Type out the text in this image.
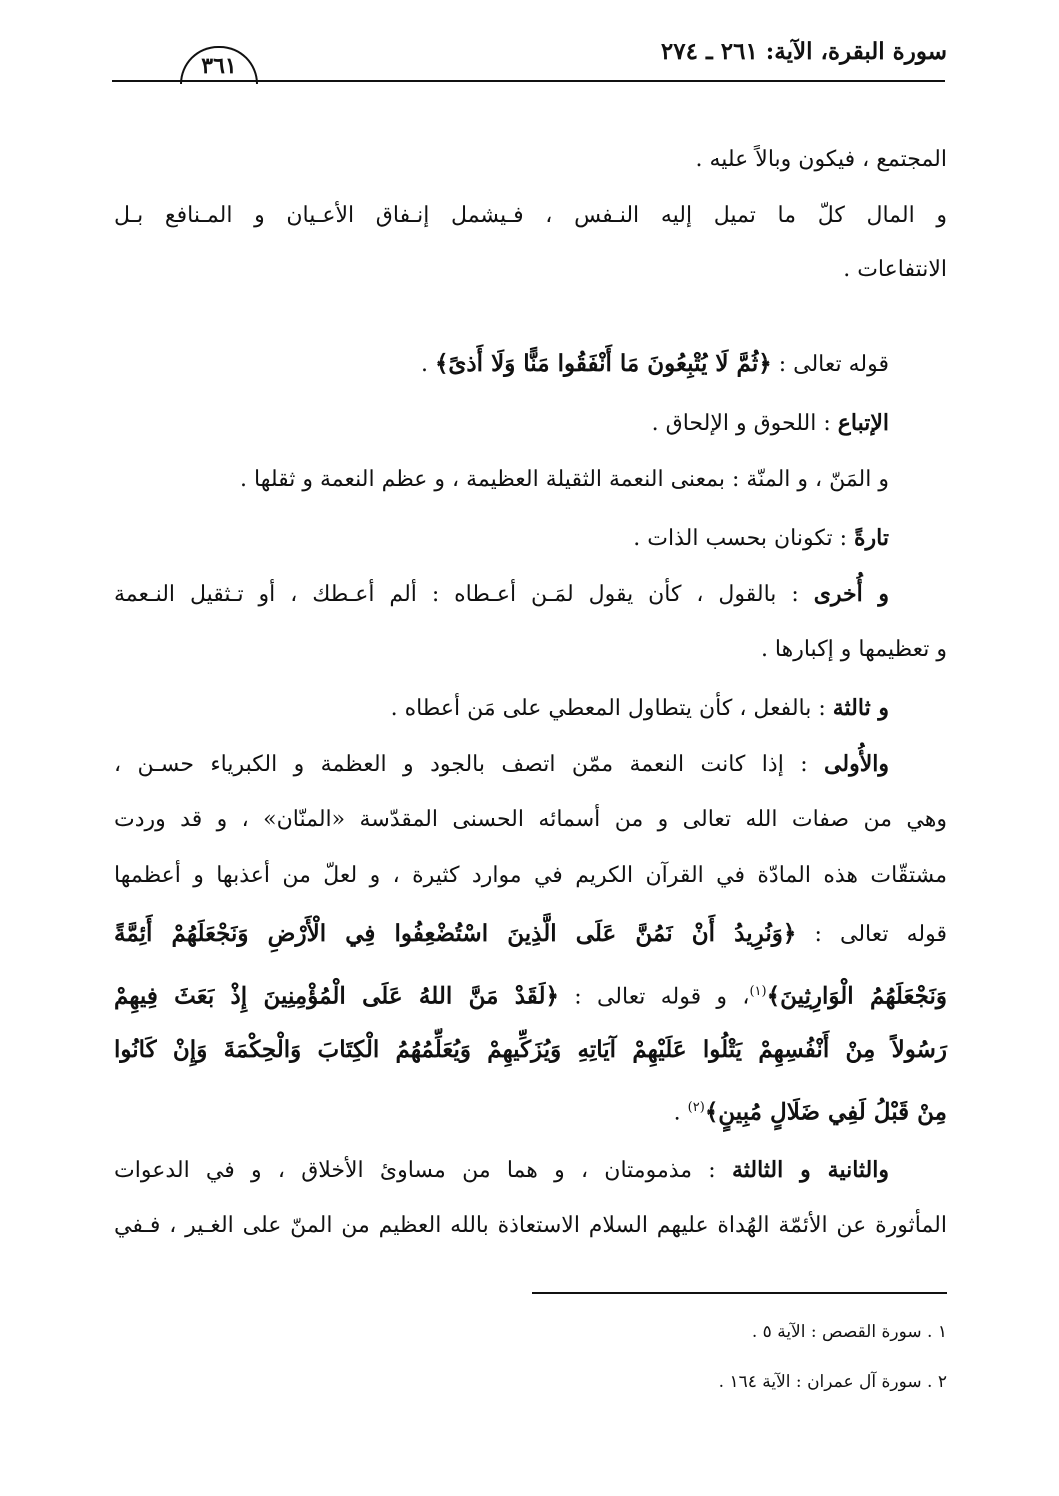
سورة البقرة، الآية: ٢٦١ ـ ٢٧٤
٣٦١
المجتمع ، فيكون وبالاً عليه .
و المال كلّ ما تميل إليه النـفس ، فـيشمل إنـفاق الأعـيان و المـنافع بـل
الانتفاعات .
قوله تعالى : ﴿ثُمَّ لَا يُتْبِعُونَ مَا أَنْفَقُوا مَنًّا وَلَا أَذىً﴾ .
الإتباع : اللحوق و الإلحاق .
و المَنّ ، و المنّة : بمعنى النعمة الثقيلة العظيمة ، و عظم النعمة و ثقلها .
تارةً : تكونان بحسب الذات .
و أُخرى : بالقول ، كأن يقول لمَـن أعـطاه : ألم أعـطك ، أو تـثقيل النـعمة
و تعظيمها و إكبارها .
و ثالثة : بالفعل ، كأن يتطاول المعطي على مَن أعطاه .
والأُولى : إذا كانت النعمة ممّن اتصف بالجود و العظمة و الكبرياء حسـن ،
وهي من صفات الله تعالى و من أسمائه الحسنى المقدّسة «المنّان» ، و قد وردت
مشتقّات هذه المادّة في القرآن الكريم في موارد كثيرة ، و لعلّ من أعذبها و أعظمها
قوله تعالى : ﴿وَنُرِيدُ أَنْ نَمُنَّ عَلَى الَّذِينَ اسْتُضْعِفُوا فِي الْأَرْضِ وَنَجْعَلَهُمْ أَئِمَّةً
وَنَجْعَلَهُمُ الْوَارِثِينَ﴾$^{(١)}$، و قوله تعالى : ﴿لَقَدْ مَنَّ اللهُ عَلَى الْمُؤْمِنِينَ إِذْ بَعَثَ فِيهِمْ
رَسُولاً مِنْ أَنْفُسِهِمْ يَتْلُوا عَلَيْهِمْ آيَاتِهِ وَيُزَكِّيهِمْ وَيُعَلِّمُهُمُ الْكِتَابَ وَالْحِكْمَةَ وَإِنْ كَانُوا
مِنْ قَبْلُ لَفِي ضَلَالٍ مُبِينٍ﴾$^{(٢)}$ .
والثانية و الثالثة : مذمومتان ، و هما من مساوئ الأخلاق ، و في الدعوات
المأثورة عن الأئمّة الهُداة عليهم السلام الاستعاذة بالله العظيم من المنّ على الغـير ، فـفي
١ . سورة القصص : الآية ٥ .
٢ . سورة آل عمران : الآية ١٦٤ .
